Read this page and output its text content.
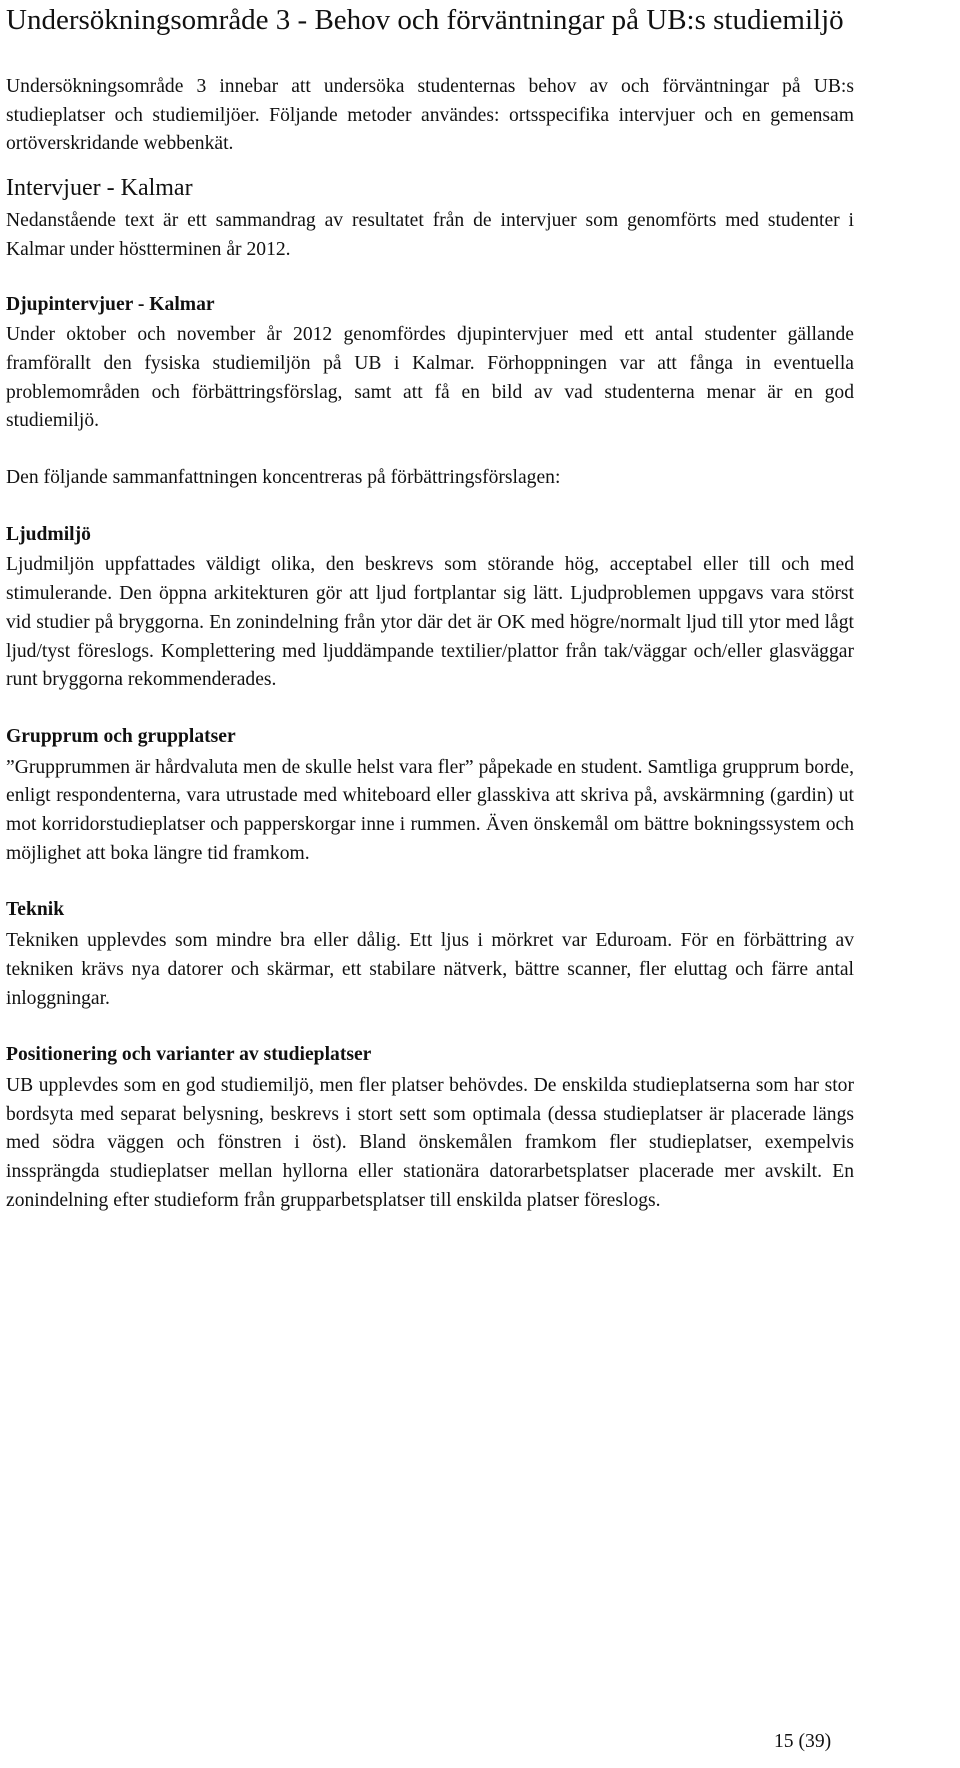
Undersökningsområde 3 - Behov och förväntningar på UB:s studiemiljö

Undersökningsområde 3 innebar att undersöka studenternas behov av och förväntningar på UB:s studieplatser och studiemiljöer. Följande metoder användes: ortsspecifika intervjuer och en gemensam ortöverskridande webbenkät.

Intervjuer - Kalmar

Nedanstående text är ett sammandrag av resultatet från de intervjuer som genomförts med studenter i Kalmar under höstterminen år 2012.

Djupintervjuer - Kalmar

Under oktober och november år 2012 genomfördes djupintervjuer med ett antal studenter gällande framförallt den fysiska studiemiljön på UB i Kalmar. Förhoppningen var att fånga in eventuella problemområden och förbättringsförslag, samt att få en bild av vad studenterna menar är en god studiemiljö.

Den följande sammanfattningen koncentreras på förbättringsförslagen:

Ljudmiljö

Ljudmiljön uppfattades väldigt olika, den beskrevs som störande hög, acceptabel eller till och med stimulerande. Den öppna arkitekturen gör att ljud fortplantar sig lätt. Ljudproblemen uppgavs vara störst vid studier på bryggorna. En zonindelning från ytor där det är OK med högre/normalt ljud till ytor med lågt ljud/tyst föreslogs. Komplettering med ljuddämpande textilier/plattor från tak/väggar och/eller glasväggar runt bryggorna rekommenderades.

Grupprum och grupplatser

”Grupprummen är hårdvaluta men de skulle helst vara fler” påpekade en student. Samtliga grupprum borde, enligt respondenterna, vara utrustade med whiteboard eller glasskiva att skriva på, avskärmning (gardin) ut mot korridorstudieplatser och papperskorgar inne i rummen. Även önskemål om bättre bokningssystem och möjlighet att boka längre tid framkom.

Teknik

Tekniken upplevdes som mindre bra eller dålig. Ett ljus i mörkret var Eduroam. För en förbättring av tekniken krävs nya datorer och skärmar, ett stabilare nätverk, bättre scanner, fler eluttag och färre antal inloggningar.

Positionering och varianter av studieplatser

UB upplevdes som en god studiemiljö, men fler platser behövdes. De enskilda studieplatserna som har stor bordsyta med separat belysning, beskrevs i stort sett som optimala (dessa studieplatser är placerade längs med södra väggen och fönstren i öst). Bland önskemålen framkom fler studieplatser, exempelvis inssprängda studieplatser mellan hyllorna eller stationära datorarbetsplatser placerade mer avskilt. En zonindelning efter studieform från grupparbetsplatser till enskilda platser föreslogs.

15 (39)
